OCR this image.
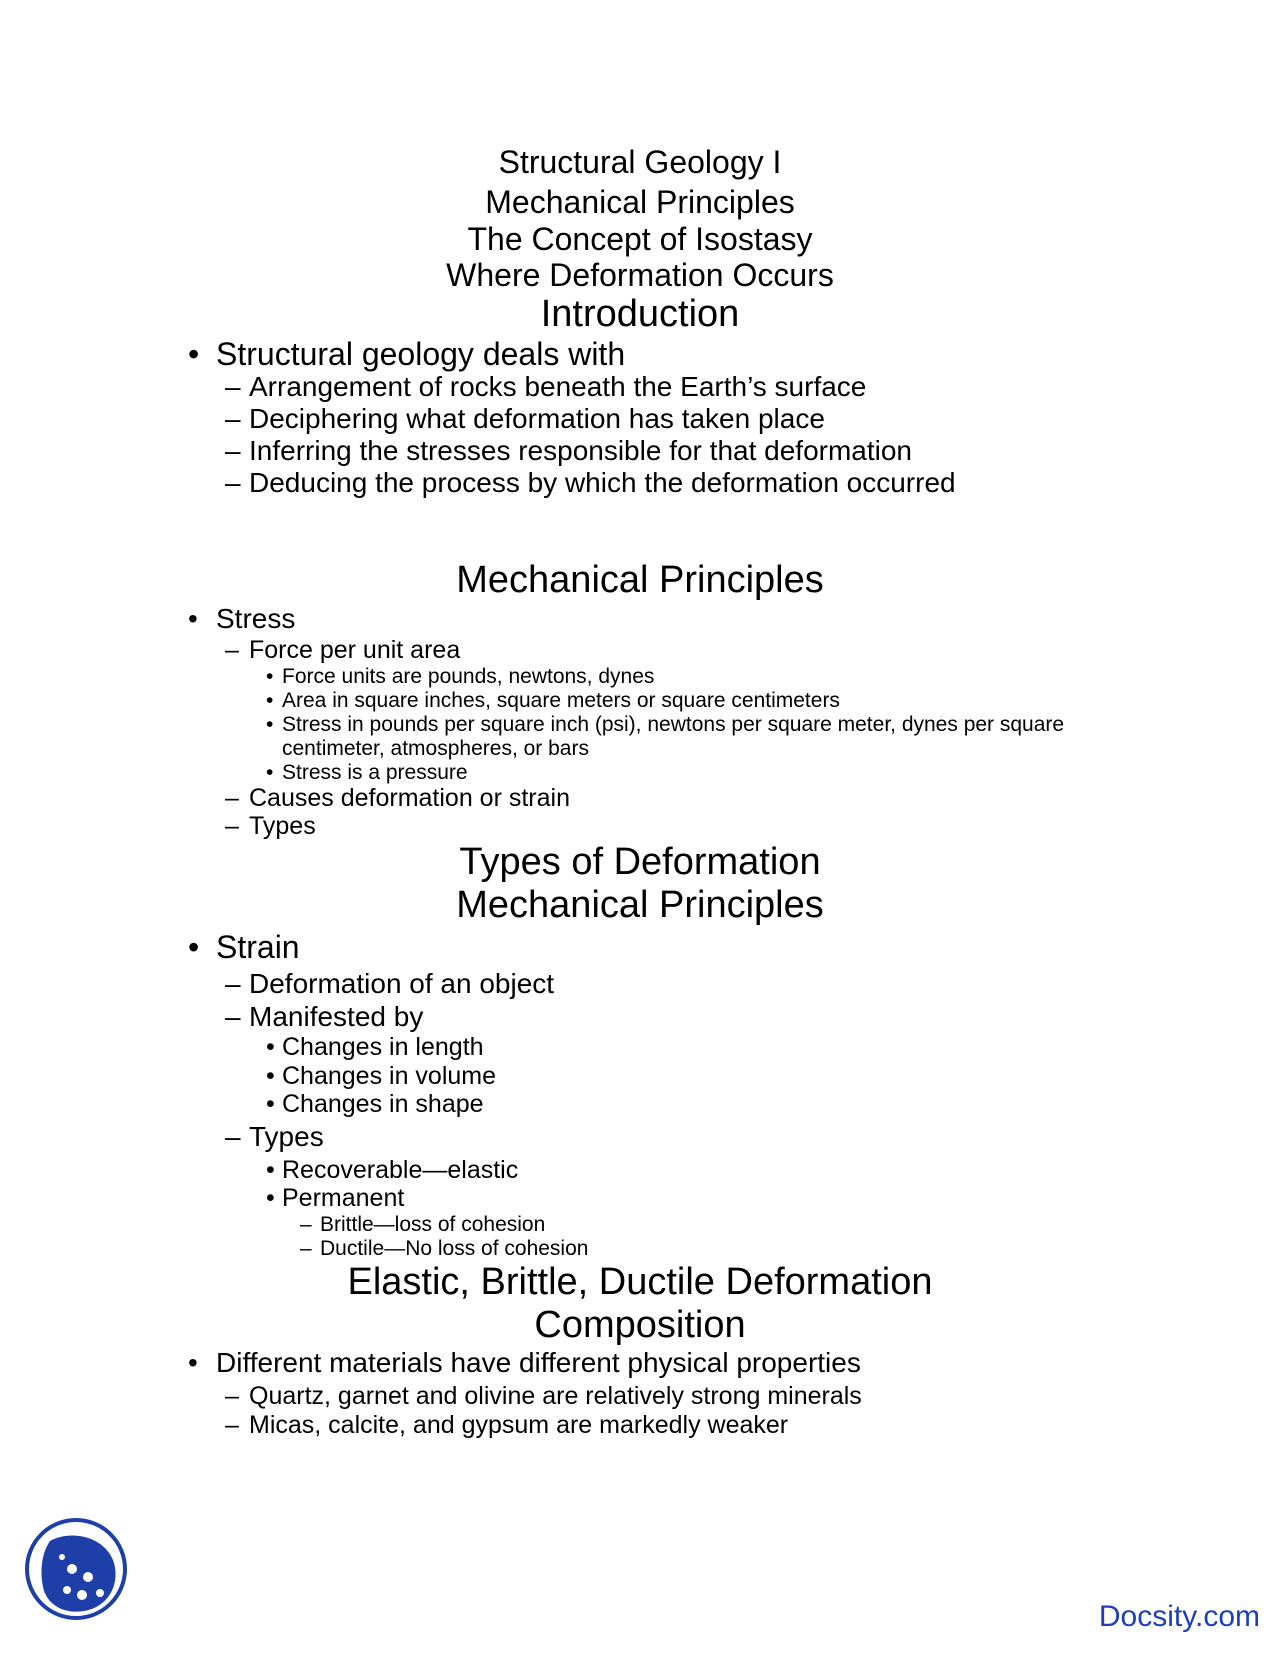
Structural Geology I
Mechanical Principles
The Concept of Isostasy
Where Deformation Occurs
Introduction
• Structural geology deals with
– Arrangement of rocks beneath the Earth’s surface
– Deciphering what deformation has taken place
– Inferring the stresses responsible for that deformation
– Deducing the process by which the deformation occurred
Mechanical Principles
• Stress
– Force per unit area
• Force units are pounds, newtons, dynes
• Area in square inches, square meters or square centimeters
• Stress in pounds per square inch (psi), newtons per square meter, dynes per square
centimeter, atmospheres, or bars
• Stress is a pressure
– Causes deformation or strain
– Types
Types of Deformation
Mechanical Principles
• Strain
– Deformation of an object
– Manifested by
• Changes in length
• Changes in volume
• Changes in shape
– Types
• Recoverable—elastic
• Permanent
– Brittle—loss of cohesion
– Ductile—No loss of cohesion
Elastic, Brittle, Ductile Deformation
Composition
• Different materials have different physical properties
– Quartz, garnet and olivine are relatively strong minerals
– Micas, calcite, and gypsum are markedly weaker
Docsity.com
